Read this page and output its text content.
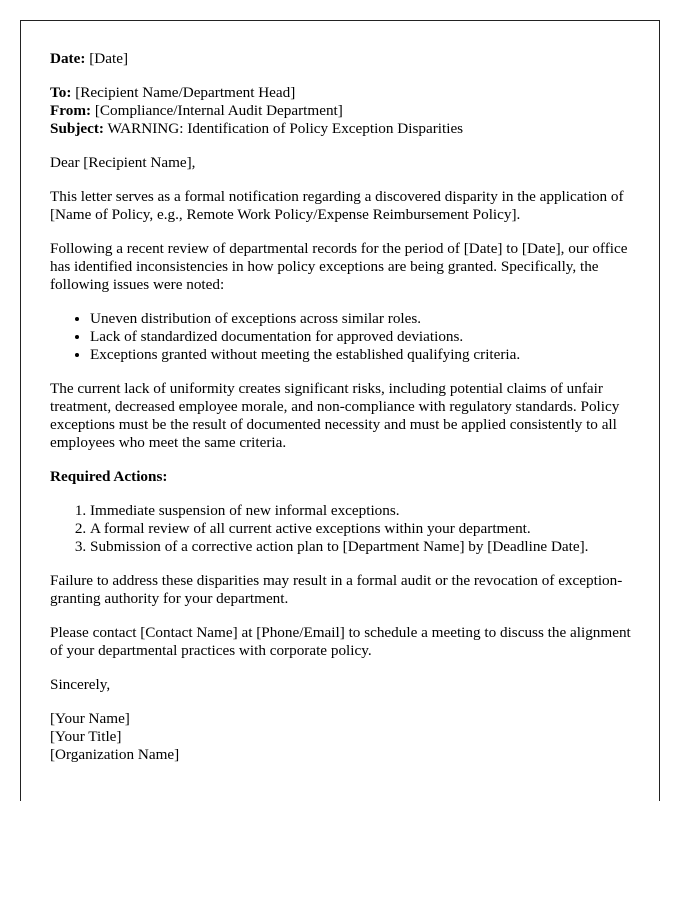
Date: [Date]

To: [Recipient Name/Department Head]
From: [Compliance/Internal Audit Department]
Subject: WARNING: Identification of Policy Exception Disparities

Dear [Recipient Name],

This letter serves as a formal notification regarding a discovered disparity in the application of [Name of Policy, e.g., Remote Work Policy/Expense Reimbursement Policy].

Following a recent review of departmental records for the period of [Date] to [Date], our office has identified inconsistencies in how policy exceptions are being granted. Specifically, the following issues were noted:

• Uneven distribution of exceptions across similar roles.
• Lack of standardized documentation for approved deviations.
• Exceptions granted without meeting the established qualifying criteria.

The current lack of uniformity creates significant risks, including potential claims of unfair treatment, decreased employee morale, and non-compliance with regulatory standards. Policy exceptions must be the result of documented necessity and must be applied consistently to all employees who meet the same criteria.

Required Actions:

1. Immediate suspension of new informal exceptions.
2. A formal review of all current active exceptions within your department.
3. Submission of a corrective action plan to [Department Name] by [Deadline Date].

Failure to address these disparities may result in a formal audit or the revocation of exception-granting authority for your department.

Please contact [Contact Name] at [Phone/Email] to schedule a meeting to discuss the alignment of your departmental practices with corporate policy.

Sincerely,

[Your Name]
[Your Title]
[Organization Name]
